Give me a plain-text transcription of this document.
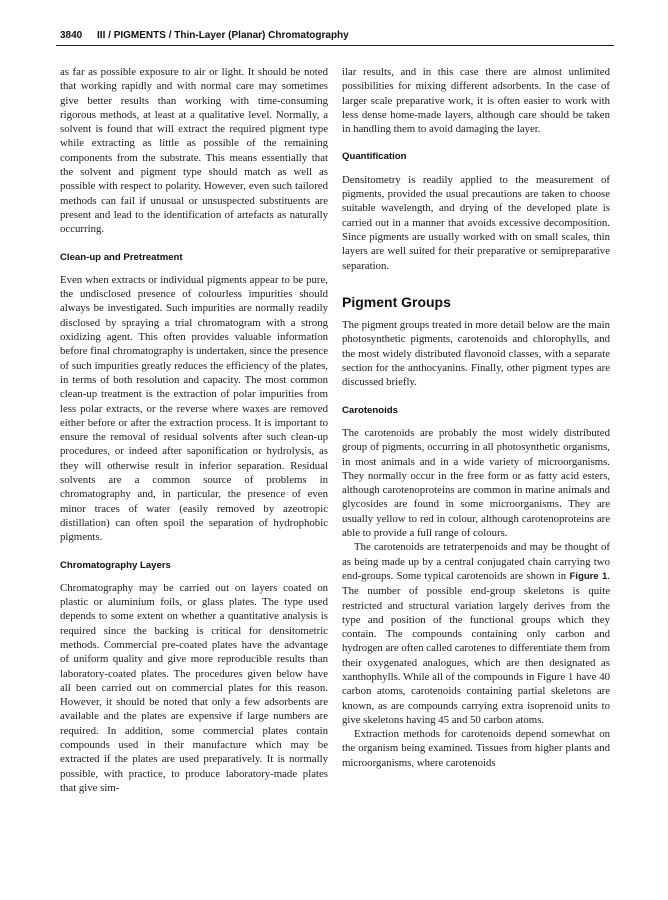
3840 III / PIGMENTS / Thin-Layer (Planar) Chromatography

as far as possible exposure to air or light. It should be noted that working rapidly and with normal care may sometimes give better results than working with time-consuming rigorous methods, at least at a qualitative level. Normally, a solvent is found that will extract the required pigment type while extracting as little as possible of the remaining components from the substrate. This means essentially that the solvent and pigment type should match as well as possible with respect to polarity. However, even such tailored methods can fail if unusual or unsuspected substituents are present and lead to the identification of artefacts as naturally occurring.

Clean-up and Pretreatment

Even when extracts or individual pigments appear to be pure, the undisclosed presence of colourless impurities should always be investigated. Such impurities are normally readily disclosed by spraying a trial chromatogram with a strong oxidizing agent. This often provides valuable information before final chromatography is undertaken, since the presence of such impurities greatly reduces the efficiency of the plates, in terms of both resolution and capacity. The most common clean-up treatment is the extraction of polar impurities from less polar extracts, or the reverse where waxes are removed either before or after the extraction process. It is important to ensure the removal of residual solvents after such clean-up procedures, or indeed after saponification or hydrolysis, as they will otherwise result in inferior separation. Residual solvents are a common source of problems in chromatography and, in particular, the presence of even minor traces of water (easily removed by azeotropic distillation) can often spoil the separation of hydrophobic pigments.

Chromatography Layers

Chromatography may be carried out on layers coated on plastic or aluminium foils, or glass plates. The type used depends to some extent on whether a quantitative analysis is required since the backing is critical for densitometric methods. Commercial pre-coated plates have the advantage of uniform quality and give more reproducible results than laboratory-coated plates. The procedures given below have all been carried out on commercial plates for this reason. However, it should be noted that only a few adsorbents are available and the plates are expensive if large numbers are required. In addition, some commercial plates contain compounds used in their manufacture which may be extracted if the plates are used preparatively. It is normally possible, with practice, to produce laboratory-made plates that give sim-

ilar results, and in this case there are almost unlimited possibilities for mixing different adsorbents. In the case of larger scale preparative work, it is often easier to work with less dense home-made layers, although care should be taken in handling them to avoid damaging the layer.

Quantification

Densitometry is readily applied to the measurement of pigments, provided the usual precautions are taken to choose suitable wavelength, and drying of the developed plate is carried out in a manner that avoids excessive decomposition. Since pigments are usually worked with on small scales, thin layers are well suited for their preparative or semipreparative separation.

Pigment Groups

The pigment groups treated in more detail below are the main photosynthetic pigments, carotenoids and chlorophylls, and the most widely distributed flavonoid classes, with a separate section for the anthocyanins. Finally, other pigment types are discussed briefly.

Carotenoids

The carotenoids are probably the most widely distributed group of pigments, occurring in all photosynthetic organisms, in most animals and in a wide variety of microorganisms. They normally occur in the free form or as fatty acid esters, although carotenoproteins are common in marine animals and glycosides are found in some microorganisms. They are usually yellow to red in colour, although carotenoproteins are able to provide a full range of colours.

The carotenoids are tetraterpenoids and may be thought of as being made up by a central conjugated chain carrying two end-groups. Some typical carotenoids are shown in Figure 1. The number of possible end-group skeletons is quite restricted and structural variation largely derives from the type and position of the functional groups which they contain. The compounds containing only carbon and hydrogen are often called carotenes to differentiate them from their oxygenated analogues, which are then designated as xanthophylls. While all of the compounds in Figure 1 have 40 carbon atoms, carotenoids containing partial skeletons are known, as are compounds carrying extra isoprenoid units to give skeletons having 45 and 50 carbon atoms.

Extraction methods for carotenoids depend somewhat on the organism being examined. Tissues from higher plants and microorganisms, where carotenoids
